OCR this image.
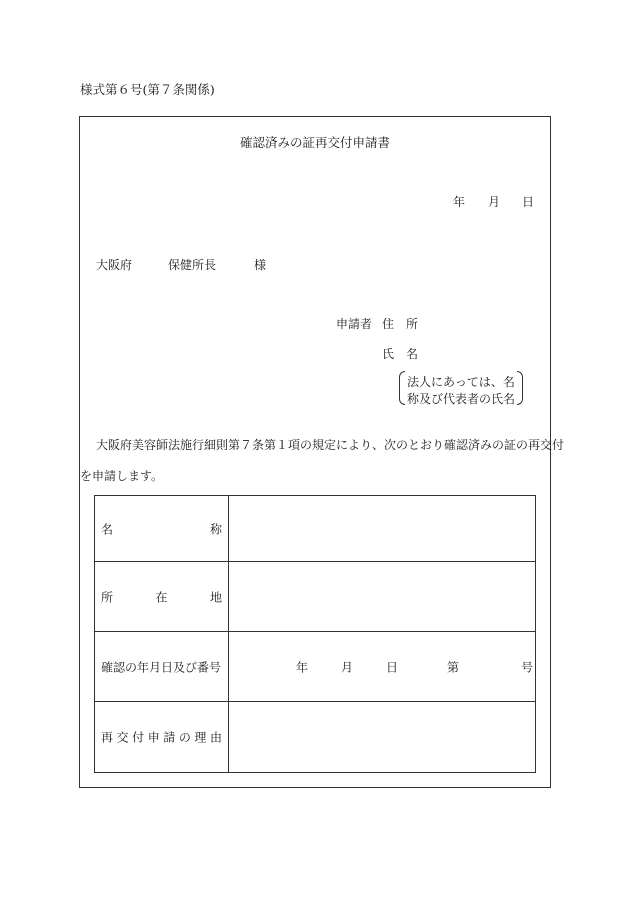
様式第６号(第７条関係)
確認済みの証再交付申請書
年 月 日
大阪府	保健所長	様
申請者 住　所
氏　名
法人にあっては、名
称及び代表者の氏名
大阪府美容師法施行細則第７条第１項の規定により、次のとおり確認済みの証の再交付
を申請します。
名	称
所	在	地
確認の年月日及び番号	年	月	日	第	号
再 交 付 申 請 の 理 由
